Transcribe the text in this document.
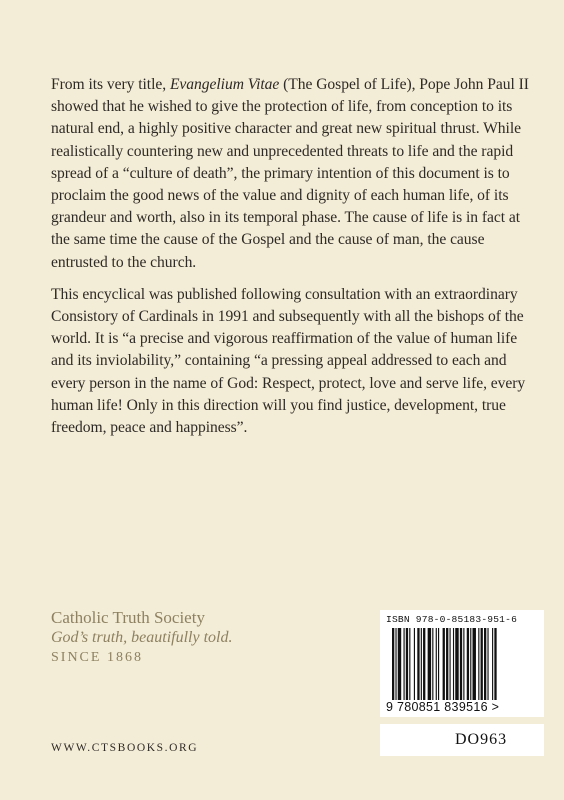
From its very title, Evangelium Vitae (The Gospel of Life), Pope John Paul II showed that he wished to give the protection of life, from conception to its natural end, a highly positive character and great new spiritual thrust. While realistically countering new and unprecedented threats to life and the rapid spread of a “culture of death”, the primary intention of this document is to proclaim the good news of the value and dignity of each human life, of its grandeur and worth, also in its temporal phase. The cause of life is in fact at the same time the cause of the Gospel and the cause of man, the cause entrusted to the church.

This encyclical was published following consultation with an extraordinary Consistory of Cardinals in 1991 and subsequently with all the bishops of the world. It is “a precise and vigorous reaffirmation of the value of human life and its inviolability,” containing “a pressing appeal addressed to each and every person in the name of God: Respect, protect, love and serve life, every human life! Only in this direction will you find justice, development, true freedom, peace and happiness”.

Catholic Truth Society
God’s truth, beautifully told.
SINCE 1868
WWW.CTSBOOKS.ORG
ISBN 978-0-85183-951-6
9 780851 839516 >
DO963
